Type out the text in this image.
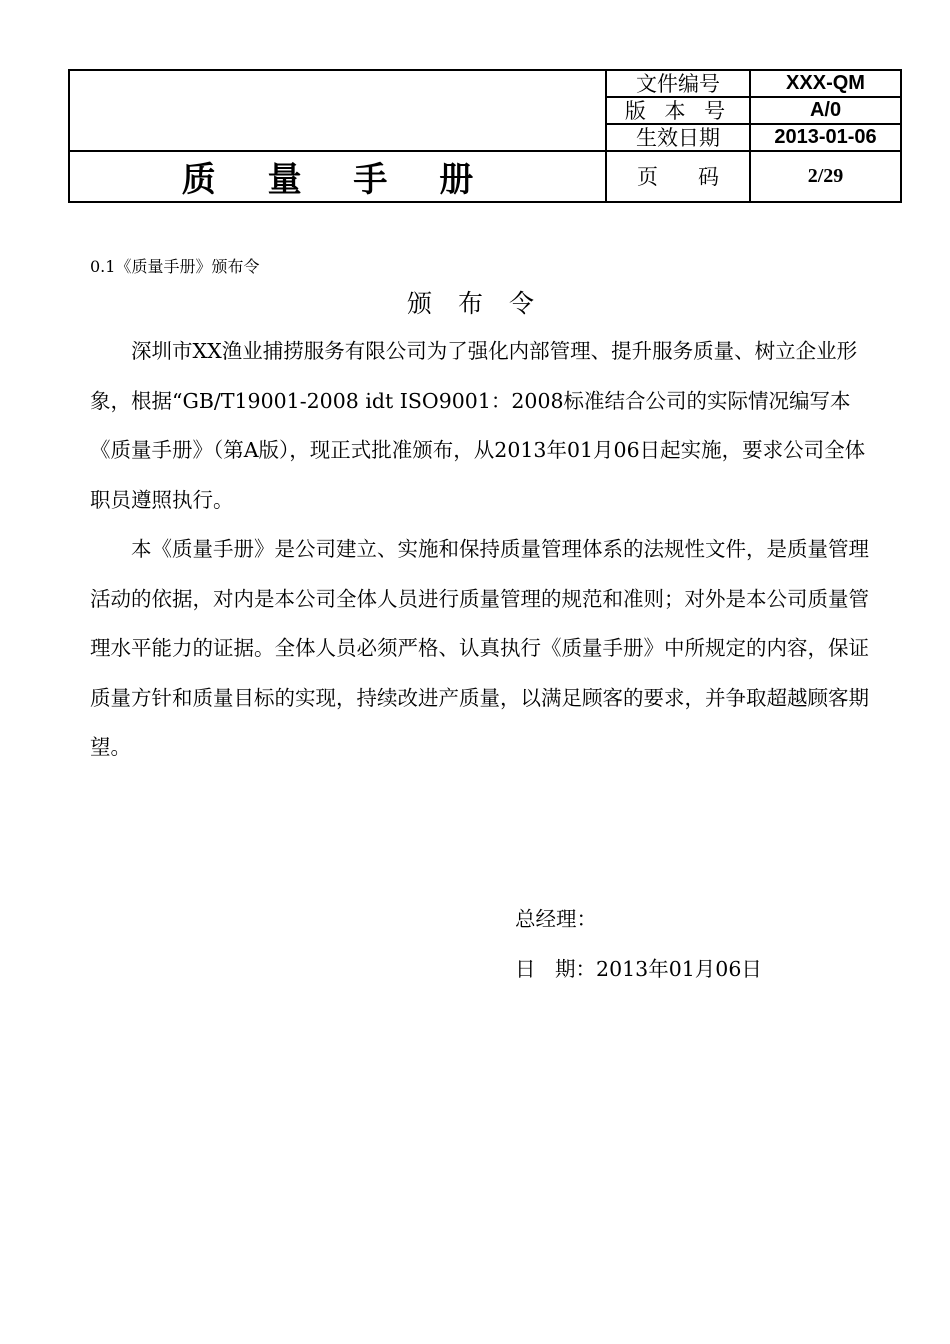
	文件编号	XXX-QM
	版 本 号	A/0
	生效日期	2013-01-06
质 量 手 册	页      码	2/29
0.1《质量手册》颁布令
颁 布 令

深圳市XX渔业捕捞服务有限公司为了强化内部管理、提升服务质量、树立企业形象，根据“GB/T19001-2008 idt ISO9001：2008标准结合公司的实际情况编写本《质量手册》（第A版），现正式批准颁布，从2013年01月06日起实施，要求公司全体职员遵照执行。

本《质量手册》是公司建立、实施和保持质量管理体系的法规性文件，是质量管理活动的依据，对内是本公司全体人员进行质量管理的规范和准则；对外是本公司质量管理水平能力的证据。全体人员必须严格、认真执行《质量手册》中所规定的内容，保证质量方针和质量目标的实现，持续改进产质量，以满足顾客的要求，并争取超越顾客期望。

总经理：
日   期：2013年01月06日
